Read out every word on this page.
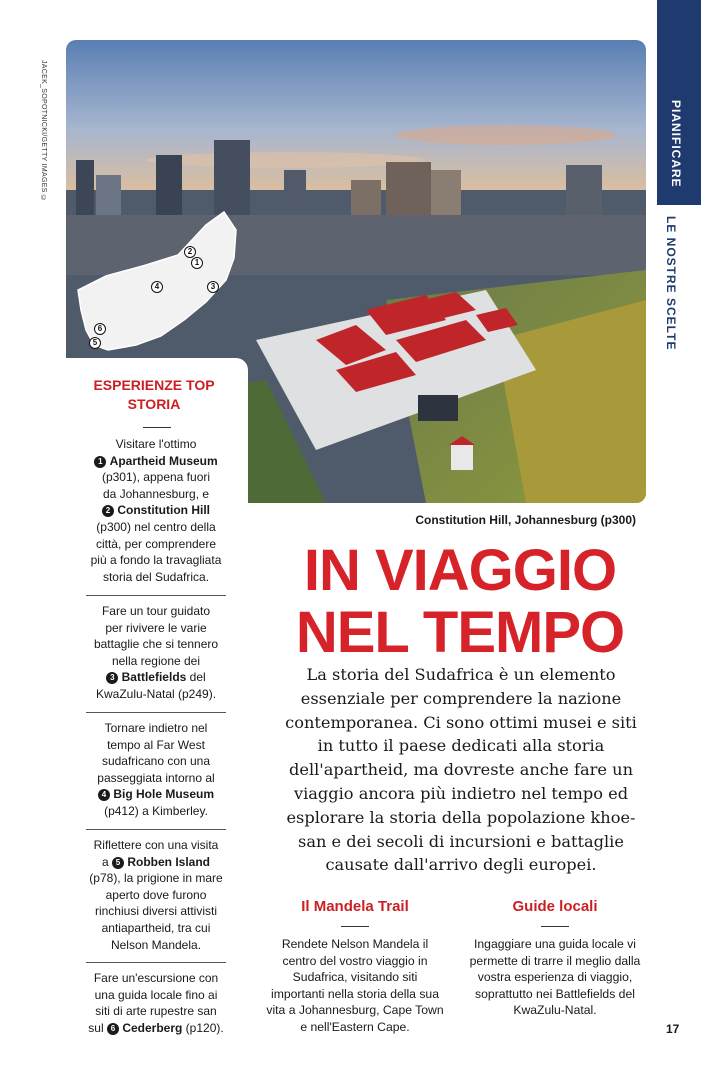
PIANIFICARE
LE NOSTRE SCELTE
JACEK_SOPOTNICKI/GETTY IMAGES ©
2
1
4	3
6
5
ESPERIENZE TOP
STORIA
Visitare l'ottimo
1 Apartheid Museum
(p301), appena fuori
da Johannesburg, e
2 Constitution Hill
(p300) nel centro della
città, per comprendere
più a fondo la travagliata
storia del Sudafrica.
Fare un tour guidato
per rivivere le varie
battaglie che si tennero
nella regione dei
3 Battlefields del
KwaZulu-Natal (p249).
Tornare indietro nel
tempo al Far West
sudafricano con una
passeggiata intorno al
4 Big Hole Museum
(p412) a Kimberley.
Riflettere con una visita
a 5 Robben Island
(p78), la prigione in mare
aperto dove furono
rinchiusi diversi attivisti
antiapartheid, tra cui
Nelson Mandela.
Fare un'escursione con
una guida locale fino ai
siti di arte rupestre san
sul 6 Cederberg (p120).
Constitution Hill, Johannesburg (p300)
IN VIAGGIO
NEL TEMPO
La storia del Sudafrica è un elemento essenziale per comprendere la nazione contemporanea. Ci sono ottimi musei e siti in tutto il paese dedicati alla storia dell'apartheid, ma dovreste anche fare un viaggio ancora più indietro nel tempo ed esplorare la storia della popolazione khoe-san e dei secoli di incursioni e battaglie causate dall'arrivo degli europei.
Il Mandela Trail
Rendete Nelson Mandela il centro del vostro viaggio in Sudafrica, visitando siti importanti nella storia della sua vita a Johannesburg, Cape Town e nell'Eastern Cape.
Guide locali
Ingaggiare una guida locale vi permette di trarre il meglio dalla vostra esperienza di viaggio, soprattutto nei Battlefields del KwaZulu-Natal.
17
